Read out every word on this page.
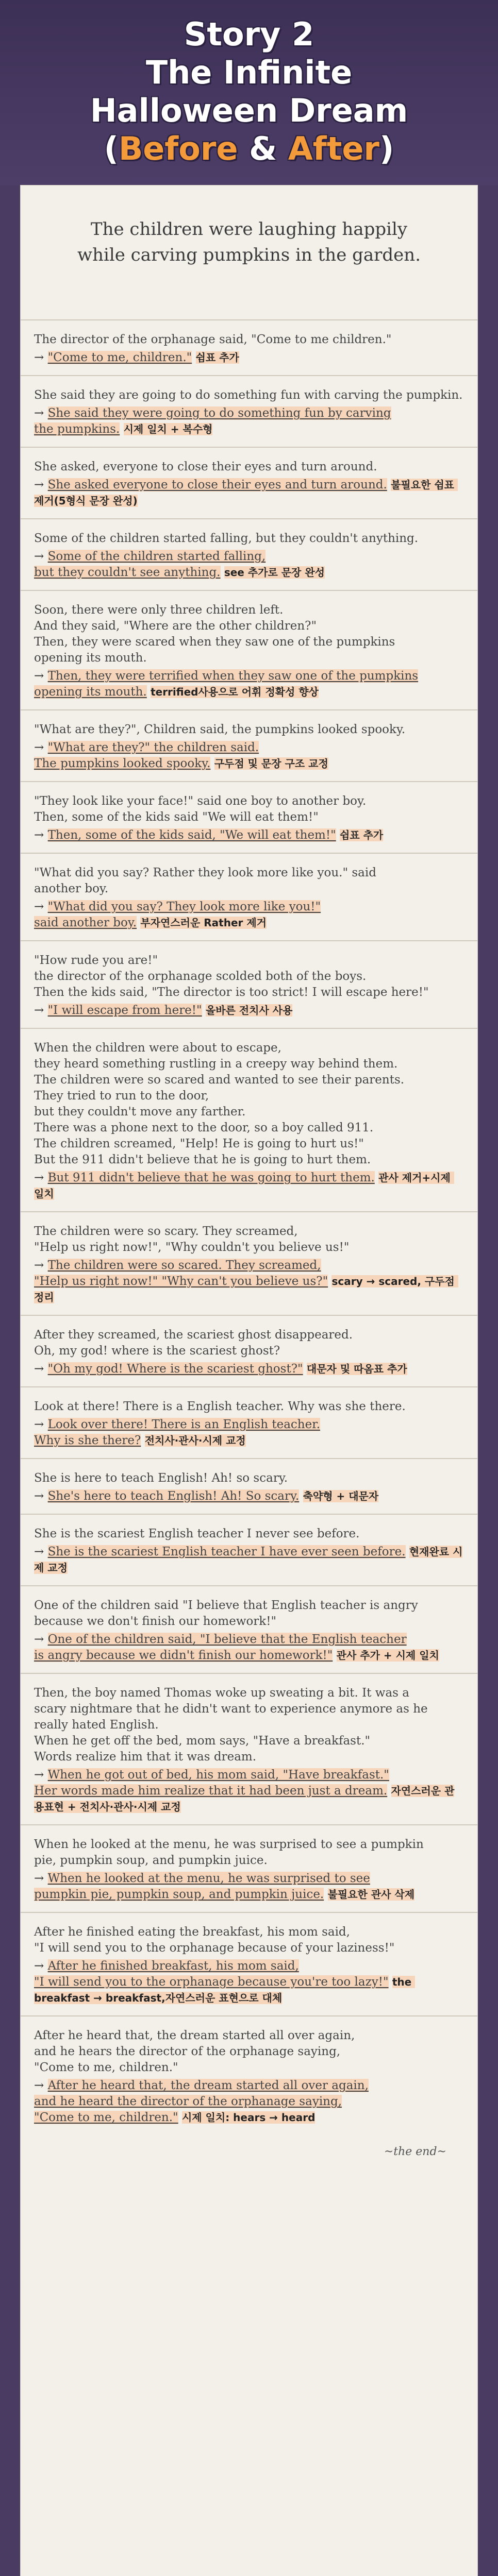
Story 2
The Infinite
Halloween Dream
(Before & After)
The children were laughing happily
while carving pumpkins in the garden.
The director of the orphanage said, "Come to me children."
→ "Come to me, children." 쉼표 추가
She said they are going to do something fun with carving the pumpkin.
→ She said they were going to do something fun by carving
the pumpkins. 시제 일치 + 복수형
She asked, everyone to close their eyes and turn around.
→ She asked everyone to close their eyes and turn around. 불필요한 쉼표 제거(5형식 문장 완성)
Some of the children started falling, but they couldn't anything.
→ Some of the children started falling,
but they couldn't see anything. see 추가로 문장 완성
Soon, there were only three children left.
And they said, "Where are the other children?"
Then, they were scared when they saw one of the pumpkins
opening its mouth.
→ Then, they were terrified when they saw one of the pumpkins
opening its mouth. terrified사용으로 어휘 정확성 향상
"What are they?", Children said, the pumpkins looked spooky.
→ "What are they?" the children said.
The pumpkins looked spooky. 구두점 및 문장 구조 교정
"They look like your face!" said one boy to another boy.
Then, some of the kids said "We will eat them!"
→ Then, some of the kids said, "We will eat them!" 쉼표 추가
"What did you say? Rather they look more like you." said
another boy.
→ "What did you say? They look more like you!"
said another boy. 부자연스러운 Rather 제거
"How rude you are!"
the director of the orphanage scolded both of the boys.
Then the kids said, "The director is too strict! I will escape here!"
→ "I will escape from here!" 올바른 전치사 사용
When the children were about to escape,
they heard something rustling in a creepy way behind them.
The children were so scared and wanted to see their parents.
They tried to run to the door,
but they couldn't move any farther.
There was a phone next to the door, so a boy called 911.
The children screamed, "Help! He is going to hurt us!"
But the 911 didn't believe that he is going to hurt them.
→ But 911 didn't believe that he was going to hurt them. 관사 제거+시제 일치
The children were so scary. They screamed,
"Help us right now!", "Why couldn't you believe us!"
→ The children were so scared. They screamed,
"Help us right now!" "Why can't you believe us?" scary → scared, 구두점 정리
After they screamed, the scariest ghost disappeared.
Oh, my god! where is the scariest ghost?
→ "Oh my god! Where is the scariest ghost?" 대문자 및 따옴표 추가
Look at there! There is a English teacher. Why was she there.
→ Look over there! There is an English teacher.
Why is she there? 전치사·관사·시제 교정
She is here to teach English! Ah! so scary.
→ She's here to teach English! Ah! So scary. 축약형 + 대문자
She is the scariest English teacher I never see before.
→ She is the scariest English teacher I have ever seen before. 현재완료 시제 교정
One of the children said "I believe that English teacher is angry
because we don't finish our homework!"
→ One of the children said, "I believe that the English teacher
is angry because we didn't finish our homework!" 관사 추가 + 시제 일치
Then, the boy named Thomas woke up sweating a bit. It was a
scary nightmare that he didn't want to experience anymore as he
really hated English.
When he get off the bed, mom says, "Have a breakfast."
Words realize him that it was dream.
→ When he got out of bed, his mom said, "Have breakfast."
Her words made him realize that it had been just a dream. 자연스러운 관용표현 + 전치사·관사·시제 교정
When he looked at the menu, he was surprised to see a pumpkin
pie, pumpkin soup, and pumpkin juice.
→ When he looked at the menu, he was surprised to see
pumpkin pie, pumpkin soup, and pumpkin juice. 불필요한 관사 삭제
After he finished eating the breakfast, his mom said,
"I will send you to the orphanage because of your laziness!"
→ After he finished breakfast, his mom said,
"I will send you to the orphanage because you're too lazy!" the breakfast → breakfast,자연스러운 표현으로 대체
After he heard that, the dream started all over again,
and he hears the director of the orphanage saying,
"Come to me, children."
→ After he heard that, the dream started all over again,
and he heard the director of the orphanage saying,
"Come to me, children." 시제 일치: hears → heard
~the end~
